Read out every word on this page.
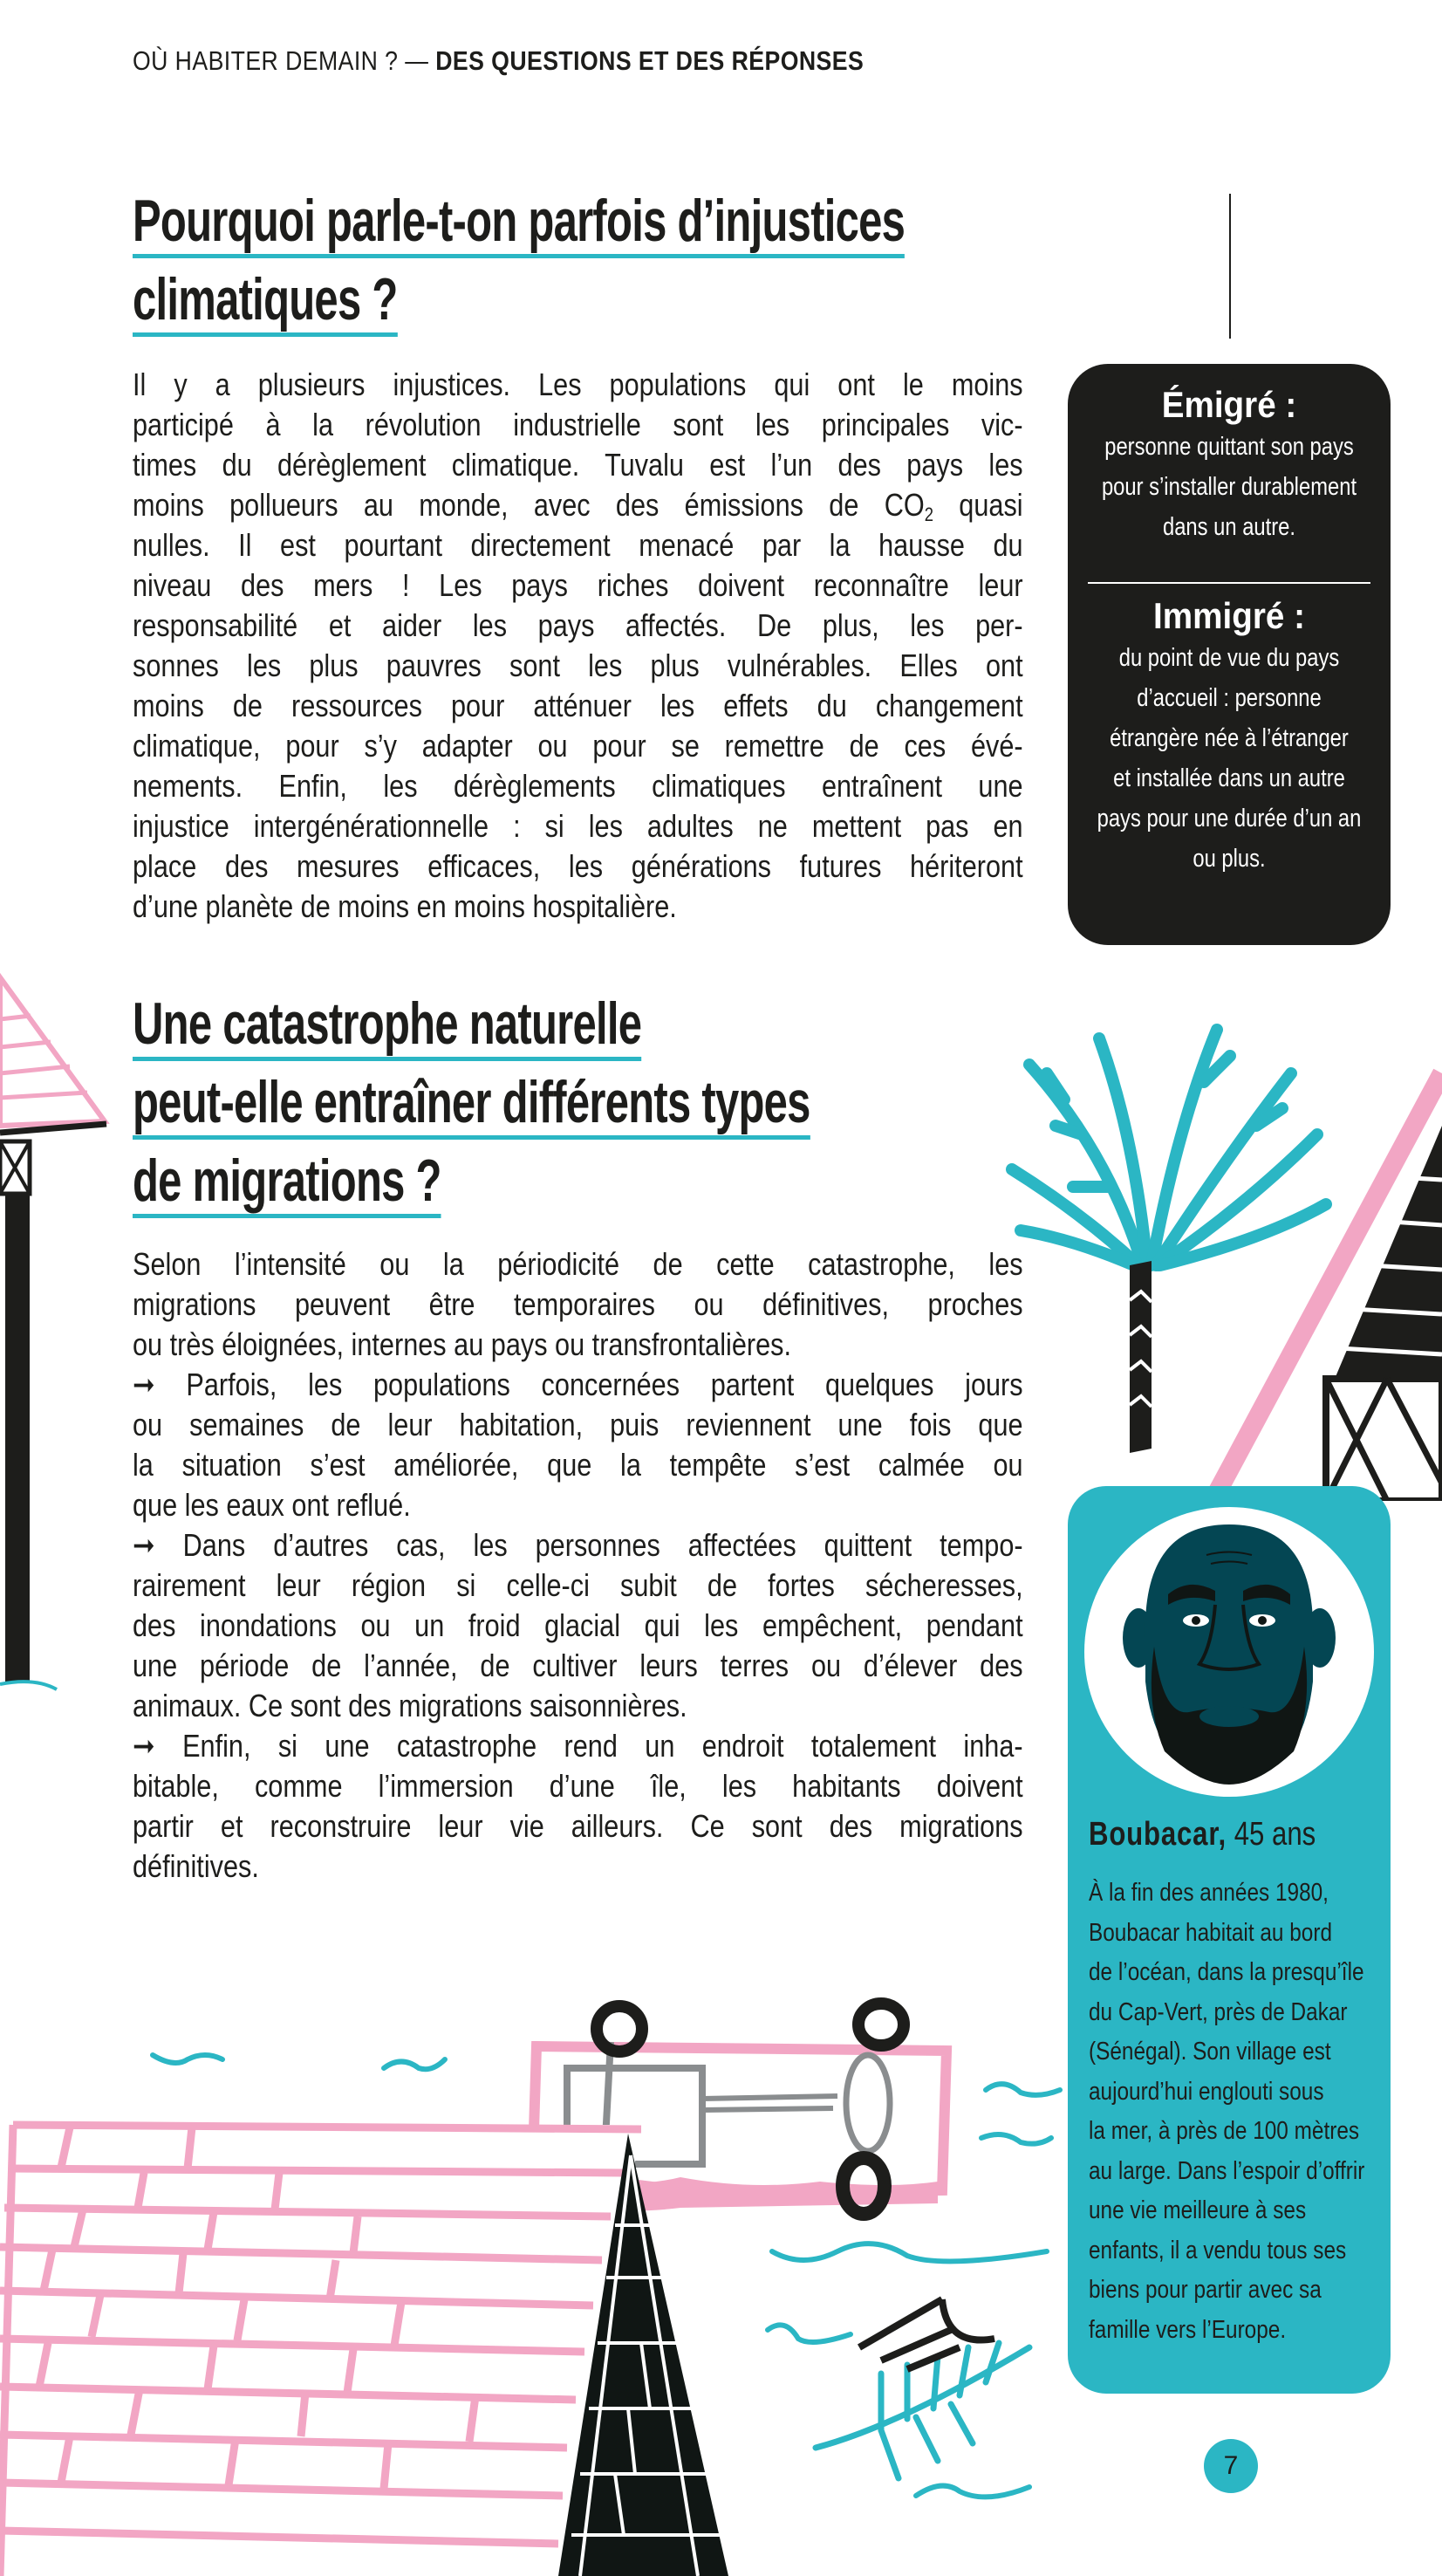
OÙ HABITER DEMAIN ? — DES QUESTIONS ET DES RÉPONSES
Pourquoi parle-t-on parfois d’injustices
climatiques ?
Il y a plusieurs injustices. Les populations qui ont le moins
participé à la révolution industrielle sont les principales vic-
times du dérèglement climatique. Tuvalu est l’un des pays les
moins pollueurs au monde, avec des émissions de $CO_2$ quasi
nulles. Il est pourtant directement menacé par la hausse du
niveau des mers ! Les pays riches doivent reconnaître leur
responsabilité et aider les pays affectés. De plus, les per-
sonnes les plus pauvres sont les plus vulnérables. Elles ont
moins de ressources pour atténuer les effets du changement
climatique, pour s’y adapter ou pour se remettre de ces évé-
nements. Enfin, les dérèglements climatiques entraînent une
injustice intergénérationnelle : si les adultes ne mettent pas en
place des mesures efficaces, les générations futures hériteront
d’une planète de moins en moins hospitalière.
Émigré :
personne quittant son pays
pour s’installer durablement
dans un autre.
Immigré :
du point de vue du pays
d’accueil : personne
étrangère née à l’étranger
et installée dans un autre
pays pour une durée d’un an
ou plus.
Une catastrophe naturelle
peut-elle entraîner différents types
de migrations ?
Selon l’intensité ou la périodicité de cette catastrophe, les
migrations peuvent être temporaires ou définitives, proches
ou très éloignées, internes au pays ou transfrontalières.
➞ Parfois, les populations concernées partent quelques jours
ou semaines de leur habitation, puis reviennent une fois que
la situation s’est améliorée, que la tempête s’est calmée ou
que les eaux ont reflué.
➞ Dans d’autres cas, les personnes affectées quittent tempo-
rairement leur région si celle-ci subit de fortes sécheresses,
des inondations ou un froid glacial qui les empêchent, pendant
une période de l’année, de cultiver leurs terres ou d’élever des
animaux. Ce sont des migrations saisonnières.
➞ Enfin, si une catastrophe rend un endroit totalement inha-
bitable, comme l’immersion d’une île, les habitants doivent
partir et reconstruire leur vie ailleurs. Ce sont des migrations
définitives.
Boubacar, 45 ans
À la fin des années 1980,
Boubacar habitait au bord
de l’océan, dans la presqu’île
du Cap-Vert, près de Dakar
(Sénégal). Son village est
aujourd’hui englouti sous
la mer, à près de 100 mètres
au large. Dans l’espoir d’offrir
une vie meilleure à ses
enfants, il a vendu tous ses
biens pour partir avec sa
famille vers l’Europe.
7
